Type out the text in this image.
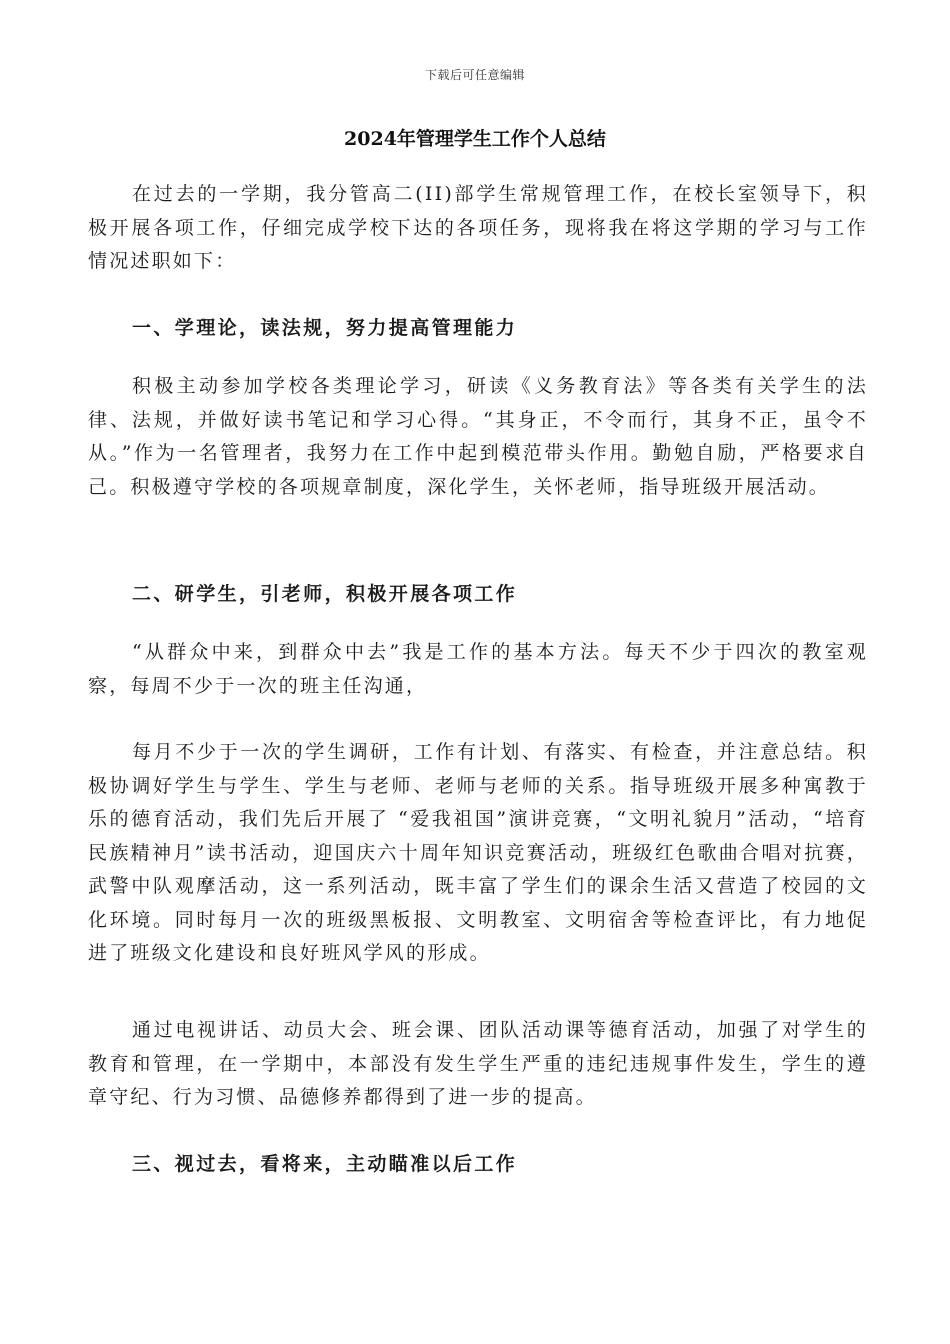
下载后可任意编辑
2024年管理学生工作个人总结

在过去的一学期，我分管高二(II)部学生常规管理工作，在校长室领导下，积极开展各项工作，仔细完成学校下达的各项任务，现将我在将这学期的学习与工作情况述职如下：

一、学理论，读法规，努力提高管理能力

积极主动参加学校各类理论学习，研读《义务教育法》等各类有关学生的法律、法规，并做好读书笔记和学习心得。“其身正，不令而行，其身不正，虽令不从。”作为一名管理者，我努力在工作中起到模范带头作用。勤勉自励，严格要求自己。积极遵守学校的各项规章制度，深化学生，关怀老师，指导班级开展活动。

二、研学生，引老师，积极开展各项工作

“从群众中来，到群众中去”我是工作的基本方法。每天不少于四次的教室观察，每周不少于一次的班主任沟通，

每月不少于一次的学生调研，工作有计划、有落实、有检查，并注意总结。积极协调好学生与学生、学生与老师、老师与老师的关系。指导班级开展多种寓教于乐的德育活动，我们先后开展了 “爱我祖国”演讲竞赛，“文明礼貌月”活动，“培育民族精神月”读书活动，迎国庆六十周年知识竞赛活动，班级红色歌曲合唱对抗赛，武警中队观摩活动，这一系列活动，既丰富了学生们的课余生活又营造了校园的文化环境。同时每月一次的班级黑板报、文明教室、文明宿舍等检查评比，有力地促进了班级文化建设和良好班风学风的形成。

通过电视讲话、动员大会、班会课、团队活动课等德育活动，加强了对学生的教育和管理，在一学期中，本部没有发生学生严重的违纪违规事件发生，学生的遵章守纪、行为习惯、品德修养都得到了进一步的提高。

三、视过去，看将来，主动瞄准以后工作
